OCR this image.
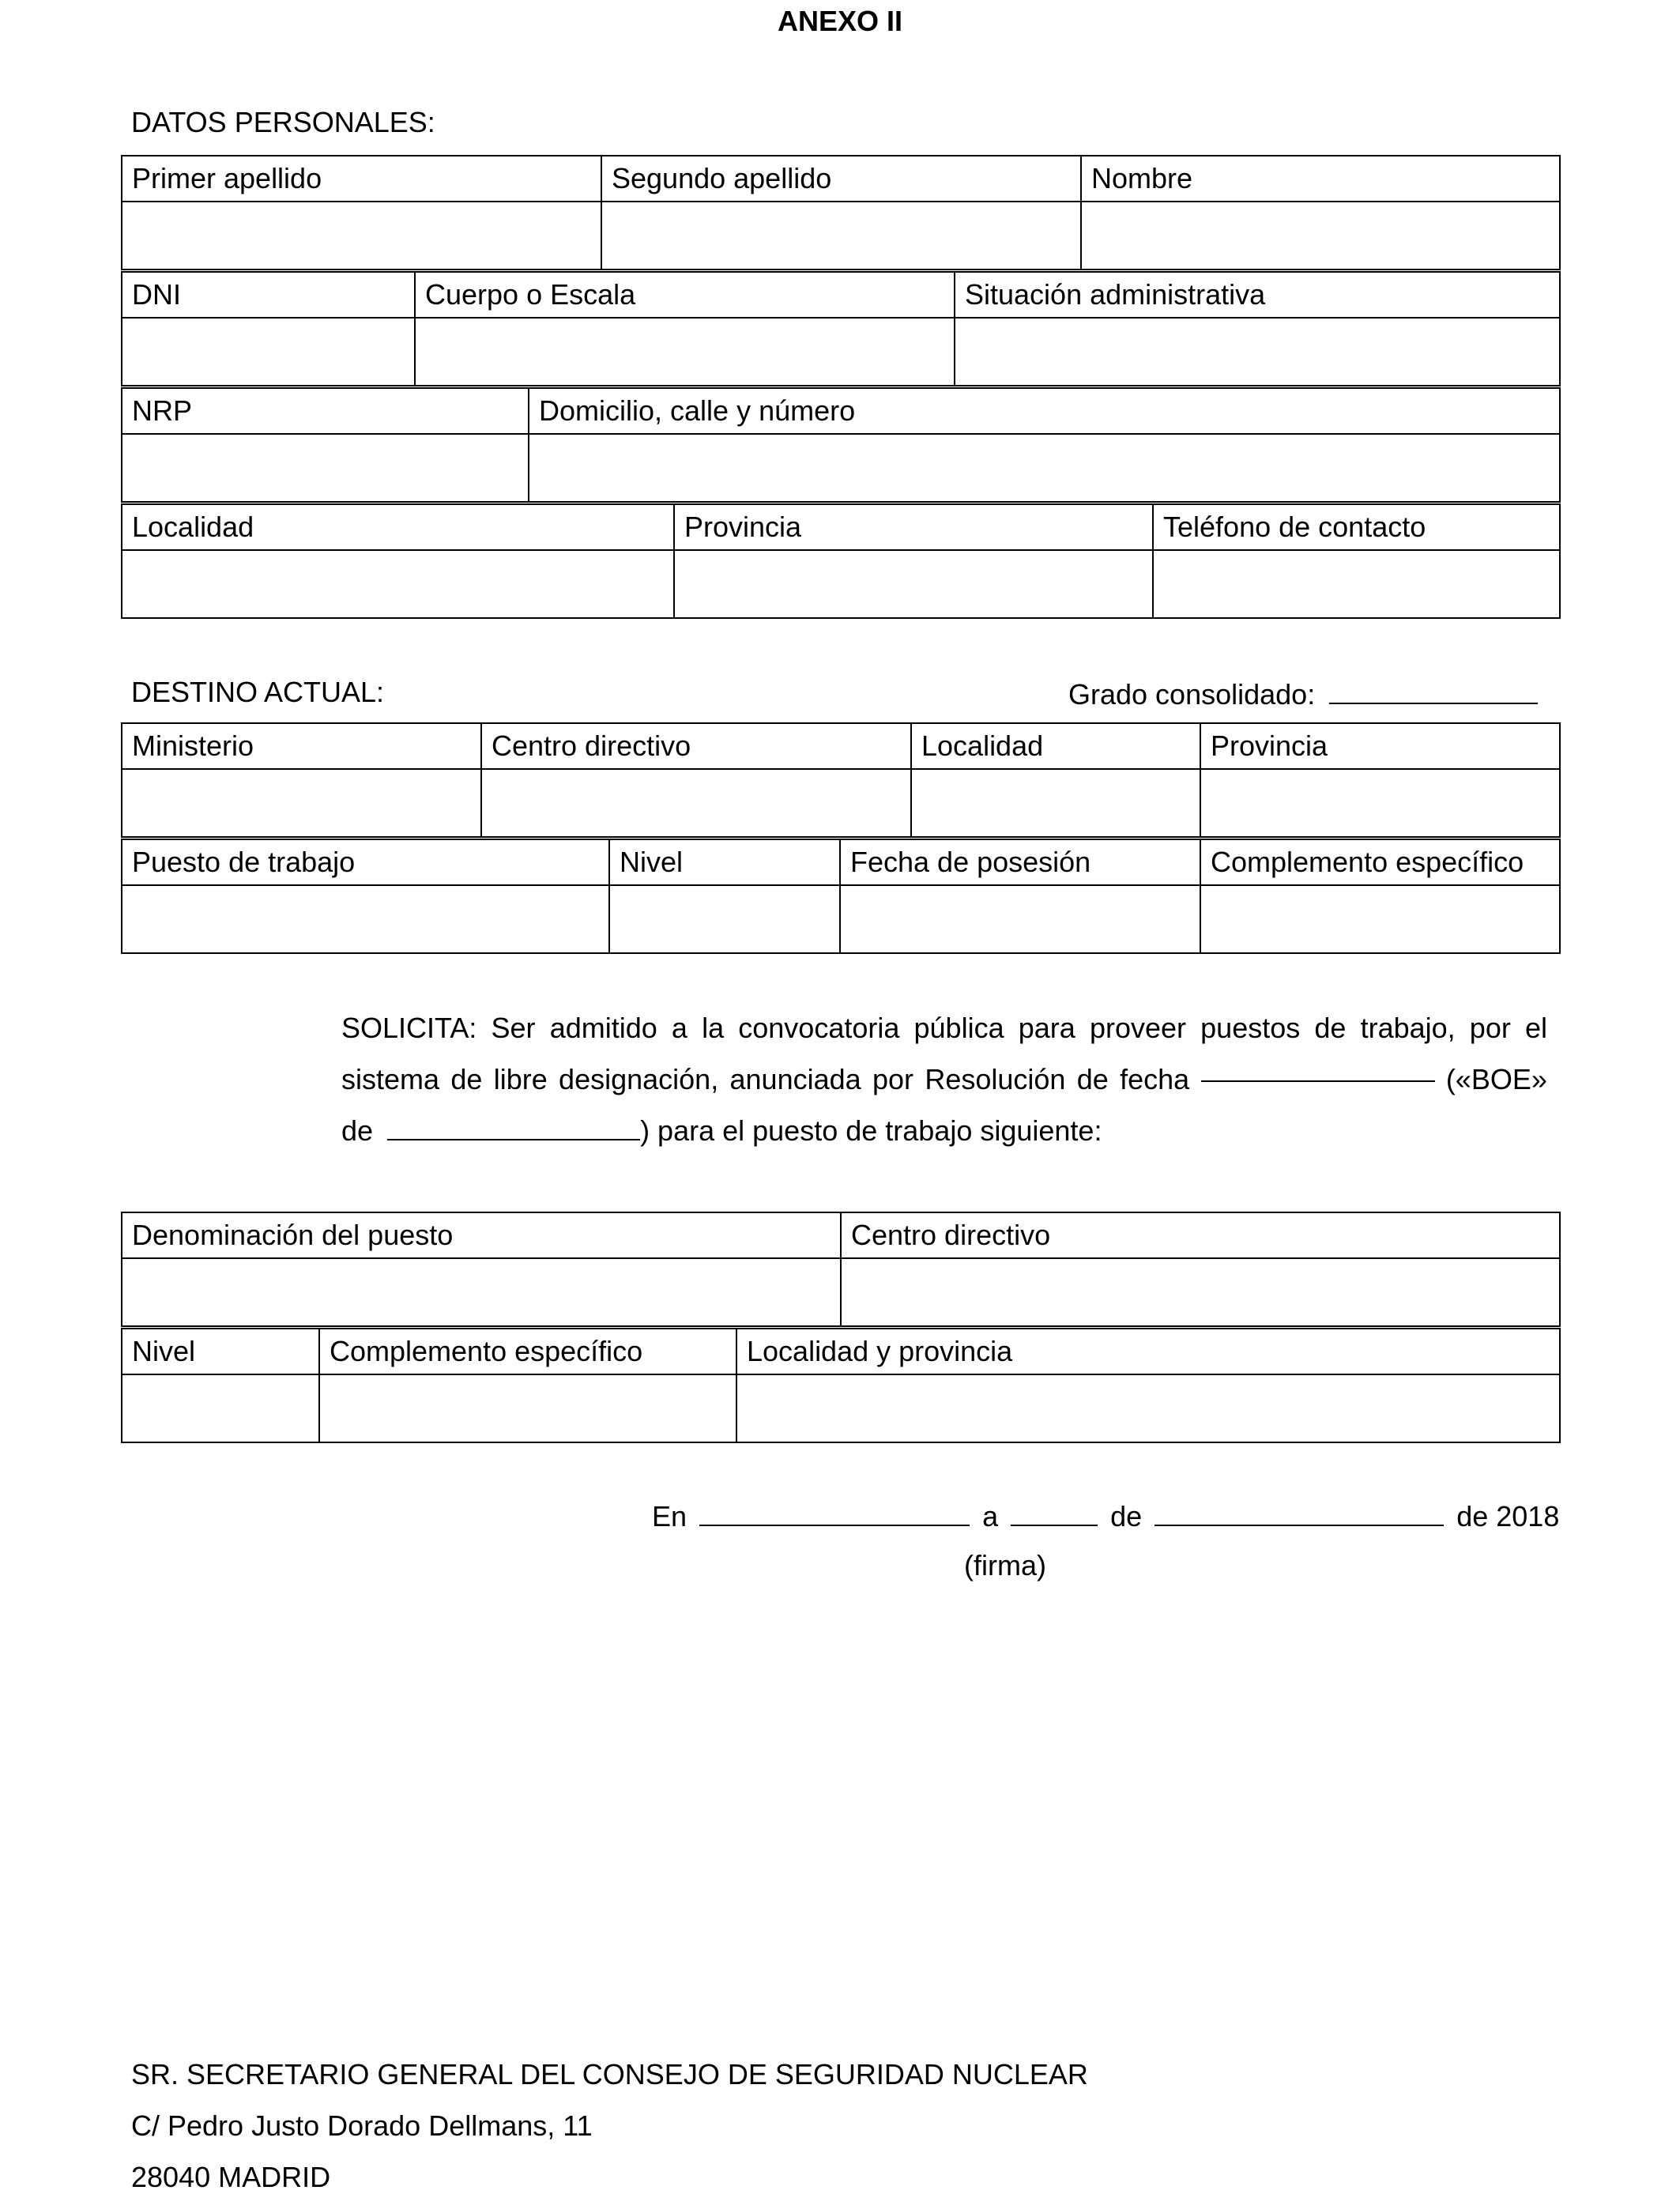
ANEXO II
DATOS PERSONALES:
Primer apellido	Segundo apellido	Nombre

DNI	Cuerpo o Escala	Situación administrativa

NRP	Domicilio, calle y número

Localidad	Provincia	Teléfono de contacto

DESTINO ACTUAL:	Grado consolidado:
Ministerio	Centro directivo	Localidad	Provincia

Puesto de trabajo	Nivel	Fecha de posesión	Complemento específico

SOLICITA: Ser admitido a la convocatoria pública para proveer puestos de trabajo, por el
sistema de libre designación, anunciada por Resolución de fecha	(«BOE»
de	) para el puesto de trabajo siguiente:
Denominación del puesto	Centro directivo

Nivel	Complemento específico	Localidad y provincia

En	a	de	de 2018
(firma)
SR. SECRETARIO GENERAL DEL CONSEJO DE SEGURIDAD NUCLEAR
C/ Pedro Justo Dorado Dellmans, 11
28040 MADRID
